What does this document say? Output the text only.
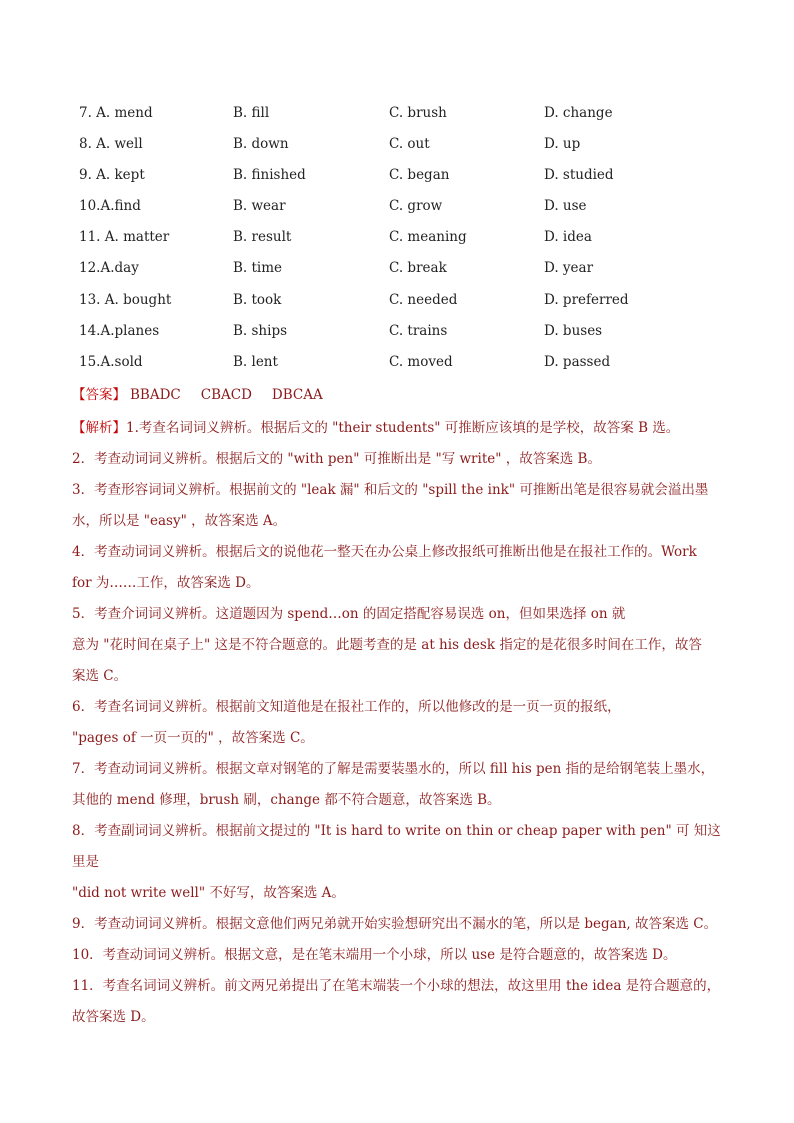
7. A. mend	B. fill	C. brush	D. change
8. A. well	B. down	C. out	D. up
9. A. kept	B. finished	C. began	D. studied
10.A.find	B. wear	C. grow	D. use
11. A. matter	B. result	C. meaning	D. idea
12.A.day	B. time	C. break	D. year
13. A. bought	B. took	C. needed	D. preferred
14.A.planes	B. ships	C. trains	D. buses
15.A.sold	B. lent	C. moved	D. passed
【答案】 BBADC CBACD DBCAA

【解析】1.考查名词词义辨析。根据后文的 "their students" 可推断应该填的是学校，故答案 B 选。

2．考查动词词义辨析。根据后文的 "with pen" 可推断出是 "写 write" ，故答案选 B。

3．考查形容词词义辨析。根据前文的 "leak 漏" 和后文的 "spill the ink" 可推断出笔是很容易就会溢出墨

水，所以是 "easy" ，故答案选 A。

4．考查动词词义辨析。根据后文的说他花一整天在办公桌上修改报纸可推断出他是在报社工作的。Work

for 为……工作，故答案选 D。

5．考查介词词义辨析。这道题因为 spend…on 的固定搭配容易误选 on，但如果选择 on 就

意为 "花时间在桌子上" 这是不符合题意的。此题考查的是 at his desk 指定的是花很多时间在工作，故答

案选 C。

6．考查名词词义辨析。根据前文知道他是在报社工作的，所以他修改的是一页一页的报纸，

"pages of 一页一页的" ，故答案选 C。

7．考查动词词义辨析。根据文章对钢笔的了解是需要装墨水的，所以 fill his pen 指的是给钢笔装上墨水，

其他的 mend 修理，brush 刷，change 都不符合题意，故答案选 B。

8．考查副词词义辨析。根据前文提过的 "It is hard to write on thin or cheap paper with pen" 可 知这里是

"did not write well" 不好写，故答案选 A。

9．考查动词词义辨析。根据文意他们两兄弟就开始实验想研究出不漏水的笔，所以是 began, 故答案选 C。

10．考查动词词义辨析。根据文意，是在笔末端用一个小球，所以 use 是符合题意的，故答案选 D。

11．考查名词词义辨析。前文两兄弟提出了在笔末端装一个小球的想法，故这里用 the idea 是符合题意的，

故答案选 D。
